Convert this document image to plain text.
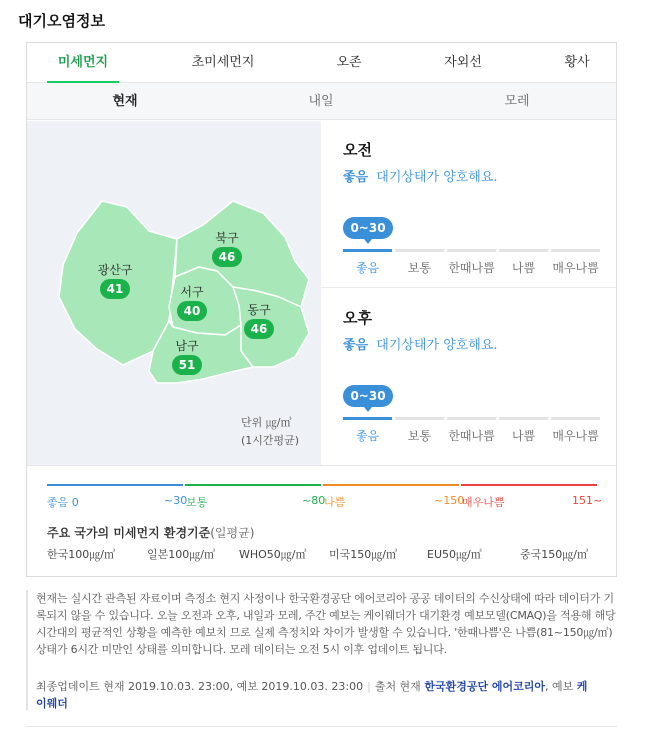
대기오염정보
미세먼지	초미세먼지	오존	자외선	황사
현재	내일	모레
광산구
41
북구
46
서구
40	동구
46
남구
51
단위 ㎍/㎥
(1시간평균)
오전
좋음 대기상태가 양호해요.
0~30
좋음	보통	한때나쁨	나쁨	매우나쁨
오후
좋음 대기상태가 양호해요.
0~30
좋음	보통	한때나쁨	나쁨	매우나쁨
좋음 0	~30
보통	~80
나쁨	~150
매우나쁨	151~
주요 국가의 미세먼지 환경기준(일평균)
한국100㎍/㎥	일본100㎍/㎥ WHO50㎍/㎥ 미국150㎍/㎥	EU50㎍/㎥	중국150㎍/㎥
현재는 실시간 관측된 자료이며 측정소 현지 사정이나 한국환경공단 에어코리아 공공 데이터의 수신상태에 따라 데이터가 기록되지 않을 수 있습니다. 오늘 오전과 오후, 내일과 모레, 주간 예보는 케이웨더가 대기환경 예보모델(CMAQ)을 적용해 해당 시간대의 평균적인 상황을 예측한 예보치 므로 실제 측정치와 차이가 발생할 수 있습니다. '한때나쁨'은 나쁨(81~150㎍/㎥)상태가 6시간 미만인 상태를 의미합니다. 모레 데이터는 오전 5시 이후 업데이트 됩니다.
최종업데이트 현재 2019.10.03. 23:00, 예보 2019.10.03. 23:00 | 출처 현재 한국환경공단 에어코리아, 예보 케이웨더
